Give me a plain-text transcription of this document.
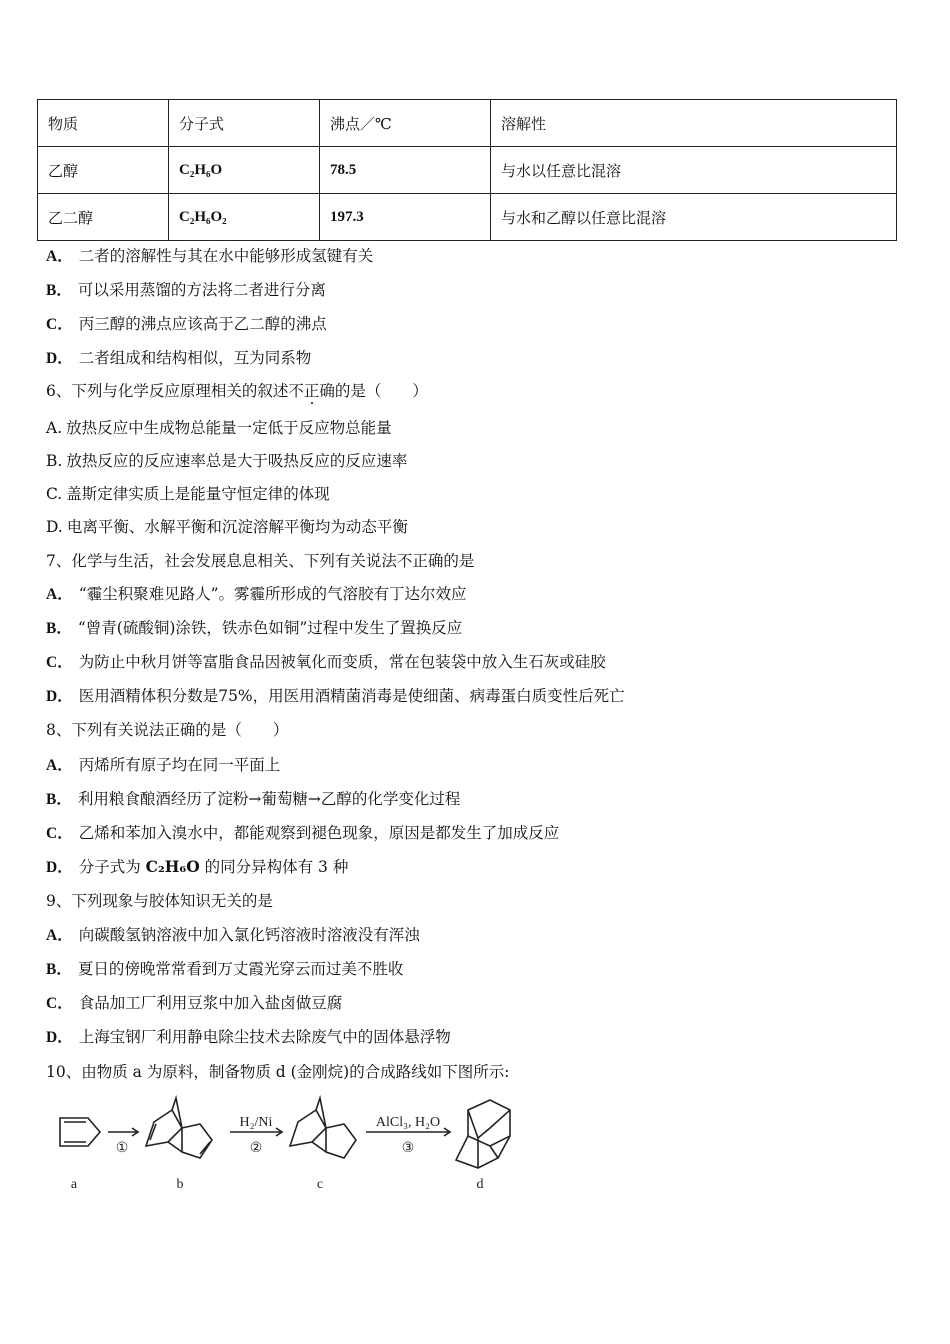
物质	分子式	沸点／℃	溶解性
乙醇	C₂H₆O	78.5	与水以任意比混溶
乙二醇	C₂H₆O₂	197.3	与水和乙醇以任意比混溶
A． 二者的溶解性与其在水中能够形成氢键有关
B． 可以采用蒸馏的方法将二者进行分离
C． 丙三醇的沸点应该高于乙二醇的沸点
D． 二者组成和结构相似，互为同系物
6、下列与化学反应原理相关的叙述不正确的是（　　）
A. 放热反应中生成物总能量一定低于反应物总能量
B. 放热反应的反应速率总是大于吸热反应的反应速率
C. 盖斯定律实质上是能量守恒定律的体现
D. 电离平衡、水解平衡和沉淀溶解平衡均为动态平衡
7、化学与生活，社会发展息息相关、下列有关说法不正确的是
A． “霾尘积聚难见路人”。雾霾所形成的气溶胶有丁达尔效应
B． “曾青(硫酸铜)涂铁，铁赤色如铜”过程中发生了置换反应
C． 为防止中秋月饼等富脂食品因被氧化而变质，常在包装袋中放入生石灰或硅胶
D． 医用酒精体积分数是75%，用医用酒精菌消毒是使细菌、病毒蛋白质变性后死亡
8、下列有关说法正确的是（　　）
A． 丙烯所有原子均在同一平面上
B． 利用粮食酿酒经历了淀粉→葡萄糖→乙醇的化学变化过程
C． 乙烯和苯加入溴水中，都能观察到褪色现象，原因是都发生了加成反应
D． 分子式为 C₂H₆O 的同分异构体有 3 种
9、下列现象与胶体知识无关的是
A． 向碳酸氢钠溶液中加入氯化钙溶液时溶液没有浑浊
B． 夏日的傍晚常常看到万丈霞光穿云而过美不胜收
C． 食品加工厂利用豆浆中加入盐卤做豆腐
D． 上海宝钢厂利用静电除尘技术去除废气中的固体悬浮物
10、由物质 a 为原料，制备物质 d (金刚烷)的合成路线如下图所示:
①
H₂/Ni
②
AlCl₃, H₂O
③
a	b	c	d
